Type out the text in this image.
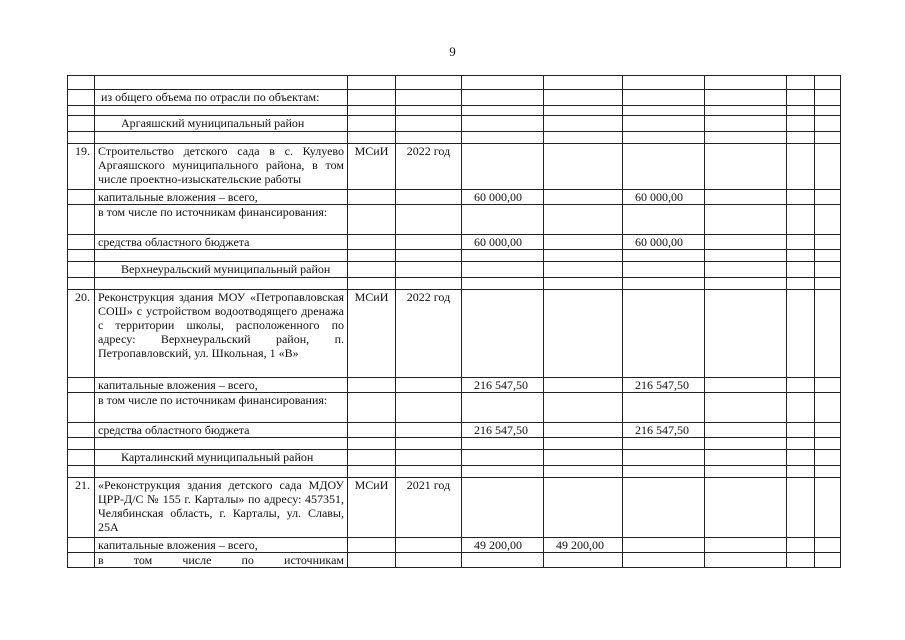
9

	из общего объема по отрасли по объектам:								

	Аргаяшский муниципальный район								

19.	Строительство детского сада в с. Кулуево Аргаяшского муниципального района, в том числе проектно-изыскательские работы	МСиИ	2022 год						
	капитальные вложения – всего,			60 000,00		60 000,00			
	в том числе по источникам финансирования:								
	средства областного бюджета			60 000,00		60 000,00			

	Верхнеуральский муниципальный район								

20.	Реконструкция здания МОУ «Петропавловская СОШ» с устройством водоотводящего дренажа с территории школы, расположенного по адресу: Верхнеуральский район, п. Петропавловский, ул. Школьная, 1 «В»	МСиИ	2022 год						
	капитальные вложения – всего,			216 547,50		216 547,50			
	в том числе по источникам финансирования:								
	средства областного бюджета			216 547,50		216 547,50			

	Карталинский муниципальный район								

21.	«Реконструкция здания детского сада МДОУ ЦРР-Д/С № 155 г. Карталы» по адресу: 457351, Челябинская область, г. Карталы, ул. Славы, 25А	МСиИ	2021 год						
	капитальные вложения – всего,			49 200,00	49 200,00				
	в том числе по источникам								
